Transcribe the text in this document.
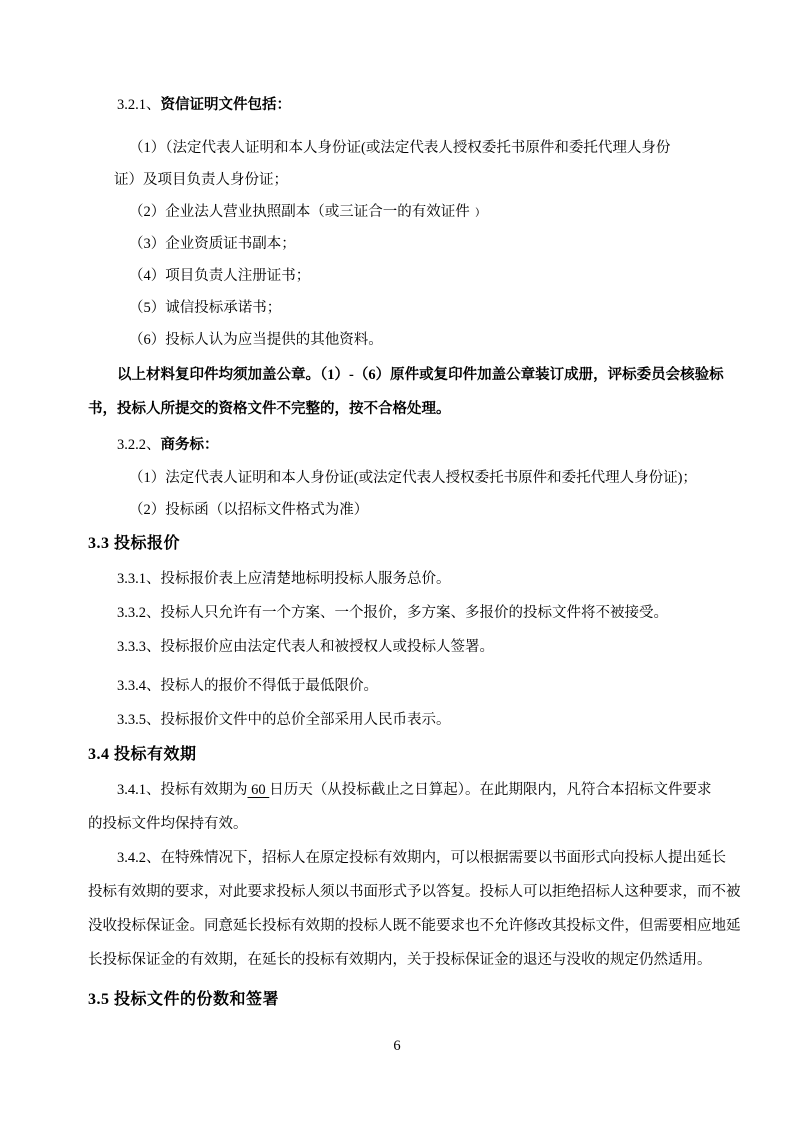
3.2.1、资信证明文件包括：
（1）（法定代表人证明和本人身份证(或法定代表人授权委托书原件和委托代理人身份
证）及项目负责人身份证；
（2）企业法人营业执照副本（或三证合一的有效证件﹚
（3）企业资质证书副本；
（4）项目负责人注册证书；
（5）诚信投标承诺书；
（6）投标人认为应当提供的其他资料。
以上材料复印件均须加盖公章。（1）-（6）原件或复印件加盖公章装订成册，评标委员会核验标
书，投标人所提交的资格文件不完整的，按不合格处理。
3.2.2、商务标：
（1）法定代表人证明和本人身份证(或法定代表人授权委托书原件和委托代理人身份证)；
（2）投标函（以招标文件格式为准）
3.3 投标报价
3.3.1、投标报价表上应清楚地标明投标人服务总价。
3.3.2、投标人只允许有一个方案、一个报价，多方案、多报价的投标文件将不被接受。
3.3.3、投标报价应由法定代表人和被授权人或投标人签署。
3.3.4、投标人的报价不得低于最低限价。
3.3.5、投标报价文件中的总价全部采用人民币表示。
3.4 投标有效期
3.4.1、投标有效期为 60 日历天（从投标截止之日算起）。在此期限内，凡符合本招标文件要求
的投标文件均保持有效。
3.4.2、在特殊情况下，招标人在原定投标有效期内，可以根据需要以书面形式向投标人提出延长
投标有效期的要求，对此要求投标人须以书面形式予以答复。投标人可以拒绝招标人这种要求，而不被
没收投标保证金。同意延长投标有效期的投标人既不能要求也不允许修改其投标文件，但需要相应地延
长投标保证金的有效期，在延长的投标有效期内，关于投标保证金的退还与没收的规定仍然适用。
3.5 投标文件的份数和签署
6
